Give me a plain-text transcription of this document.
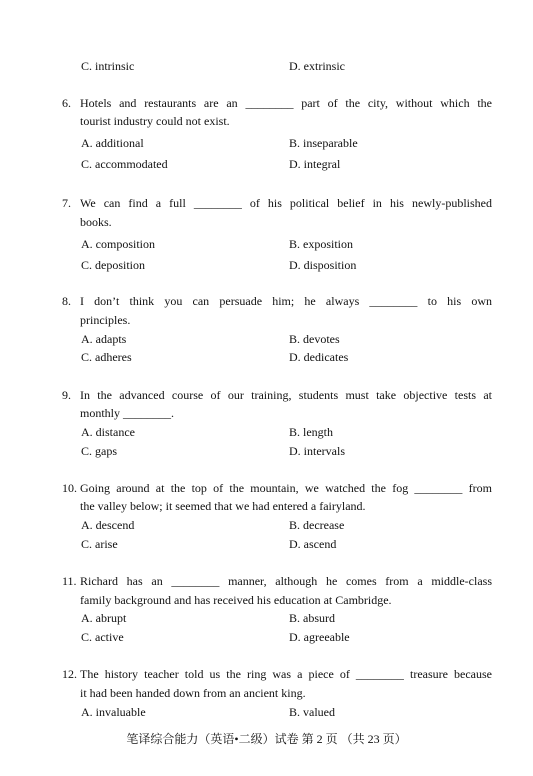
C. intrinsic	D. extrinsic
6. Hotels and restaurants are an ________ part of the city, without which the
tourist industry could not exist.
A. additional	B. inseparable
C. accommodated	D. integral
7. We can find a full ________ of his political belief in his newly-published
books.
A. composition	B. exposition
C. deposition	D. disposition
8. I don’t think you can persuade him; he always ________ to his own
principles.
A. adapts	B. devotes
C. adheres	D. dedicates
9. In the advanced course of our training, students must take objective tests at
monthly ________.
A. distance	B. length
C. gaps	D. intervals
10. Going around at the top of the mountain, we watched the fog ________ from
the valley below; it seemed that we had entered a fairyland.
A. descend	B. decrease
C. arise	D. ascend
11. Richard has an ________ manner, although he comes from a middle-class
family background and has received his education at Cambridge.
A. abrupt	B. absurd
C. active	D. agreeable
12. The history teacher told us the ring was a piece of ________ treasure because
it had been handed down from an ancient king.
A. invaluable	B. valued
笔译综合能力（英语•二级）试卷 第 2 页 （共 23 页）
